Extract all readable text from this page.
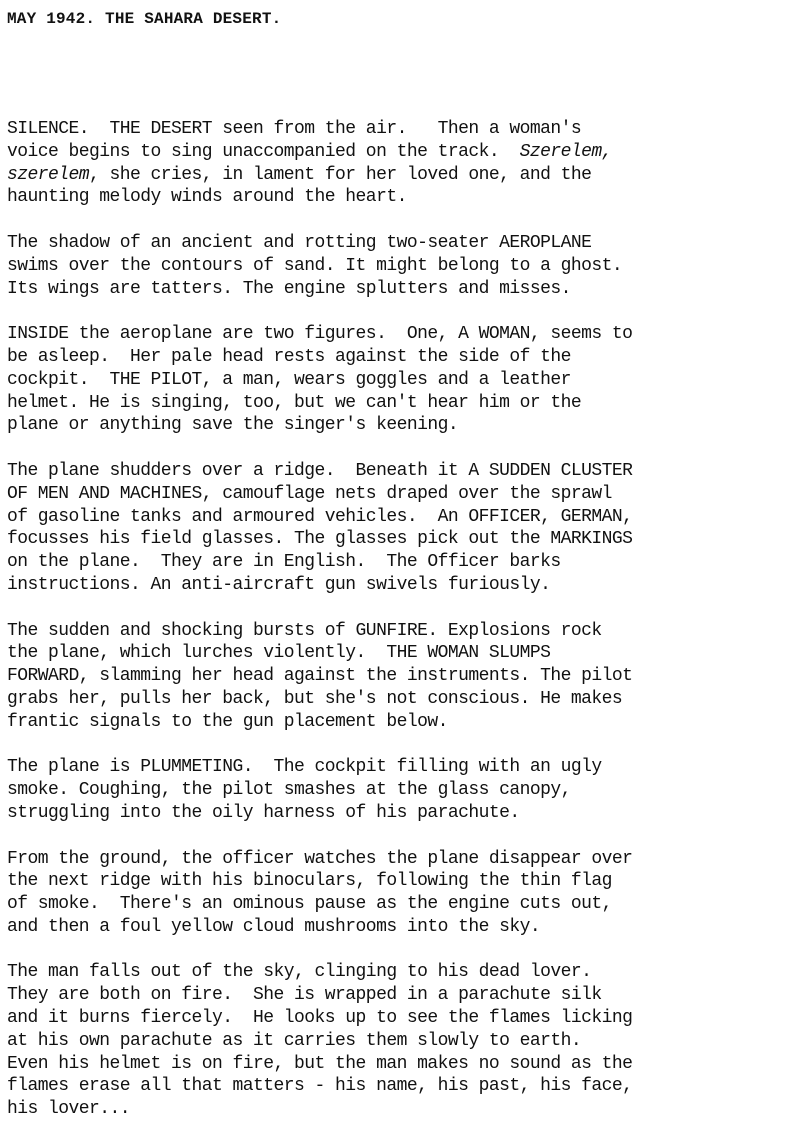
MAY 1942. THE SAHARA DESERT.
SILENCE.  THE DESERT seen from the air.   Then a woman's
voice begins to sing unaccompanied on the track.  Szerelem,
szerelem, she cries, in lament for her loved one, and the
haunting melody winds around the heart.
The shadow of an ancient and rotting two-seater AEROPLANE
swims over the contours of sand. It might belong to a ghost.
Its wings are tatters. The engine splutters and misses.
INSIDE the aeroplane are two figures.  One, A WOMAN, seems to
be asleep.  Her pale head rests against the side of the
cockpit.  THE PILOT, a man, wears goggles and a leather
helmet. He is singing, too, but we can't hear him or the
plane or anything save the singer's keening.
The plane shudders over a ridge.  Beneath it A SUDDEN CLUSTER
OF MEN AND MACHINES, camouflage nets draped over the sprawl
of gasoline tanks and armoured vehicles.  An OFFICER, GERMAN,
focusses his field glasses. The glasses pick out the MARKINGS
on the plane.  They are in English.  The Officer barks
instructions. An anti-aircraft gun swivels furiously.
The sudden and shocking bursts of GUNFIRE. Explosions rock
the plane, which lurches violently.  THE WOMAN SLUMPS
FORWARD, slamming her head against the instruments. The pilot
grabs her, pulls her back, but she's not conscious. He makes
frantic signals to the gun placement below.
The plane is PLUMMETING.  The cockpit filling with an ugly
smoke. Coughing, the pilot smashes at the glass canopy,
struggling into the oily harness of his parachute.
From the ground, the officer watches the plane disappear over
the next ridge with his binoculars, following the thin flag
of smoke.  There's an ominous pause as the engine cuts out,
and then a foul yellow cloud mushrooms into the sky.
The man falls out of the sky, clinging to his dead lover.
They are both on fire.  She is wrapped in a parachute silk
and it burns fiercely.  He looks up to see the flames licking
at his own parachute as it carries them slowly to earth.
Even his helmet is on fire, but the man makes no sound as the
flames erase all that matters - his name, his past, his face,
his lover...
